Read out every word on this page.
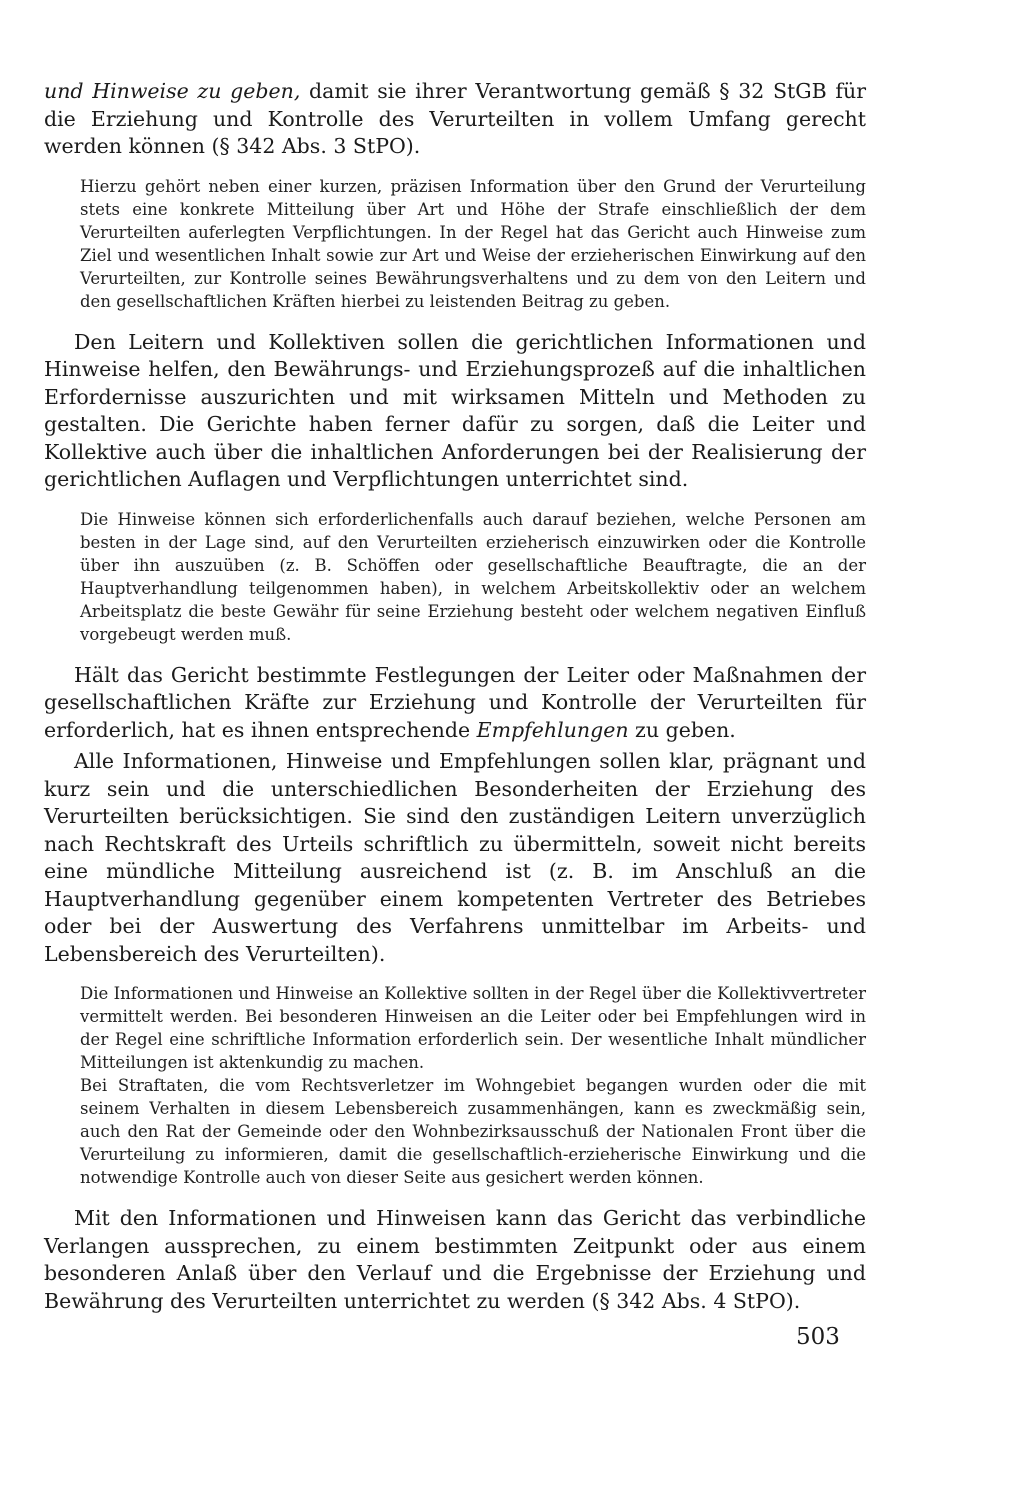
und Hinweise zu geben, damit sie ihrer Verantwortung gemäß § 32 StGB für die Erziehung und Kontrolle des Verurteilten in vollem Umfang gerecht werden können (§ 342 Abs. 3 StPO).

Hierzu gehört neben einer kurzen, präzisen Information über den Grund der Verurteilung stets eine konkrete Mitteilung über Art und Höhe der Strafe einschließlich der dem Verurteilten auferlegten Verpflichtungen. In der Regel hat das Gericht auch Hinweise zum Ziel und wesentlichen Inhalt sowie zur Art und Weise der erzieherischen Einwirkung auf den Verurteilten, zur Kontrolle seines Bewährungsverhaltens und zu dem von den Leitern und den gesellschaftlichen Kräften hierbei zu leistenden Beitrag zu geben.

Den Leitern und Kollektiven sollen die gerichtlichen Informationen und Hinweise helfen, den Bewährungs- und Erziehungsprozeß auf die inhaltlichen Erfordernisse auszurichten und mit wirksamen Mitteln und Methoden zu gestalten. Die Gerichte haben ferner dafür zu sorgen, daß die Leiter und Kollektive auch über die inhaltlichen Anforderungen bei der Realisierung der gerichtlichen Auflagen und Verpflichtungen unterrichtet sind.

Die Hinweise können sich erforderlichenfalls auch darauf beziehen, welche Personen am besten in der Lage sind, auf den Verurteilten erzieherisch einzuwirken oder die Kontrolle über ihn auszuüben (z. B. Schöffen oder gesellschaftliche Beauftragte, die an der Hauptverhandlung teilgenommen haben), in welchem Arbeitskollektiv oder an welchem Arbeitsplatz die beste Gewähr für seine Erziehung besteht oder welchem negativen Einfluß vorgebeugt werden muß.

Hält das Gericht bestimmte Festlegungen der Leiter oder Maßnahmen der gesellschaftlichen Kräfte zur Erziehung und Kontrolle der Verurteilten für erforderlich, hat es ihnen entsprechende Empfehlungen zu geben.

Alle Informationen, Hinweise und Empfehlungen sollen klar, prägnant und kurz sein und die unterschiedlichen Besonderheiten der Erziehung des Verurteilten berücksichtigen. Sie sind den zuständigen Leitern unverzüglich nach Rechtskraft des Urteils schriftlich zu übermitteln, soweit nicht bereits eine mündliche Mitteilung ausreichend ist (z. B. im Anschluß an die Hauptverhandlung gegenüber einem kompetenten Vertreter des Betriebes oder bei der Auswertung des Verfahrens unmittelbar im Arbeits- und Lebensbereich des Verurteilten).

Die Informationen und Hinweise an Kollektive sollten in der Regel über die Kollektivvertreter vermittelt werden. Bei besonderen Hinweisen an die Leiter oder bei Empfehlungen wird in der Regel eine schriftliche Information erforderlich sein. Der wesentliche Inhalt mündlicher Mitteilungen ist aktenkundig zu machen.

Bei Straftaten, die vom Rechtsverletzer im Wohngebiet begangen wurden oder die mit seinem Verhalten in diesem Lebensbereich zusammenhängen, kann es zweckmäßig sein, auch den Rat der Gemeinde oder den Wohnbezirksausschuß der Nationalen Front über die Verurteilung zu informieren, damit die gesellschaftlich-erzieherische Einwirkung und die notwendige Kontrolle auch von dieser Seite aus gesichert werden können.

Mit den Informationen und Hinweisen kann das Gericht das verbindliche Verlangen aussprechen, zu einem bestimmten Zeitpunkt oder aus einem besonderen Anlaß über den Verlauf und die Ergebnisse der Erziehung und Bewährung des Verurteilten unterrichtet zu werden (§ 342 Abs. 4 StPO).

503
